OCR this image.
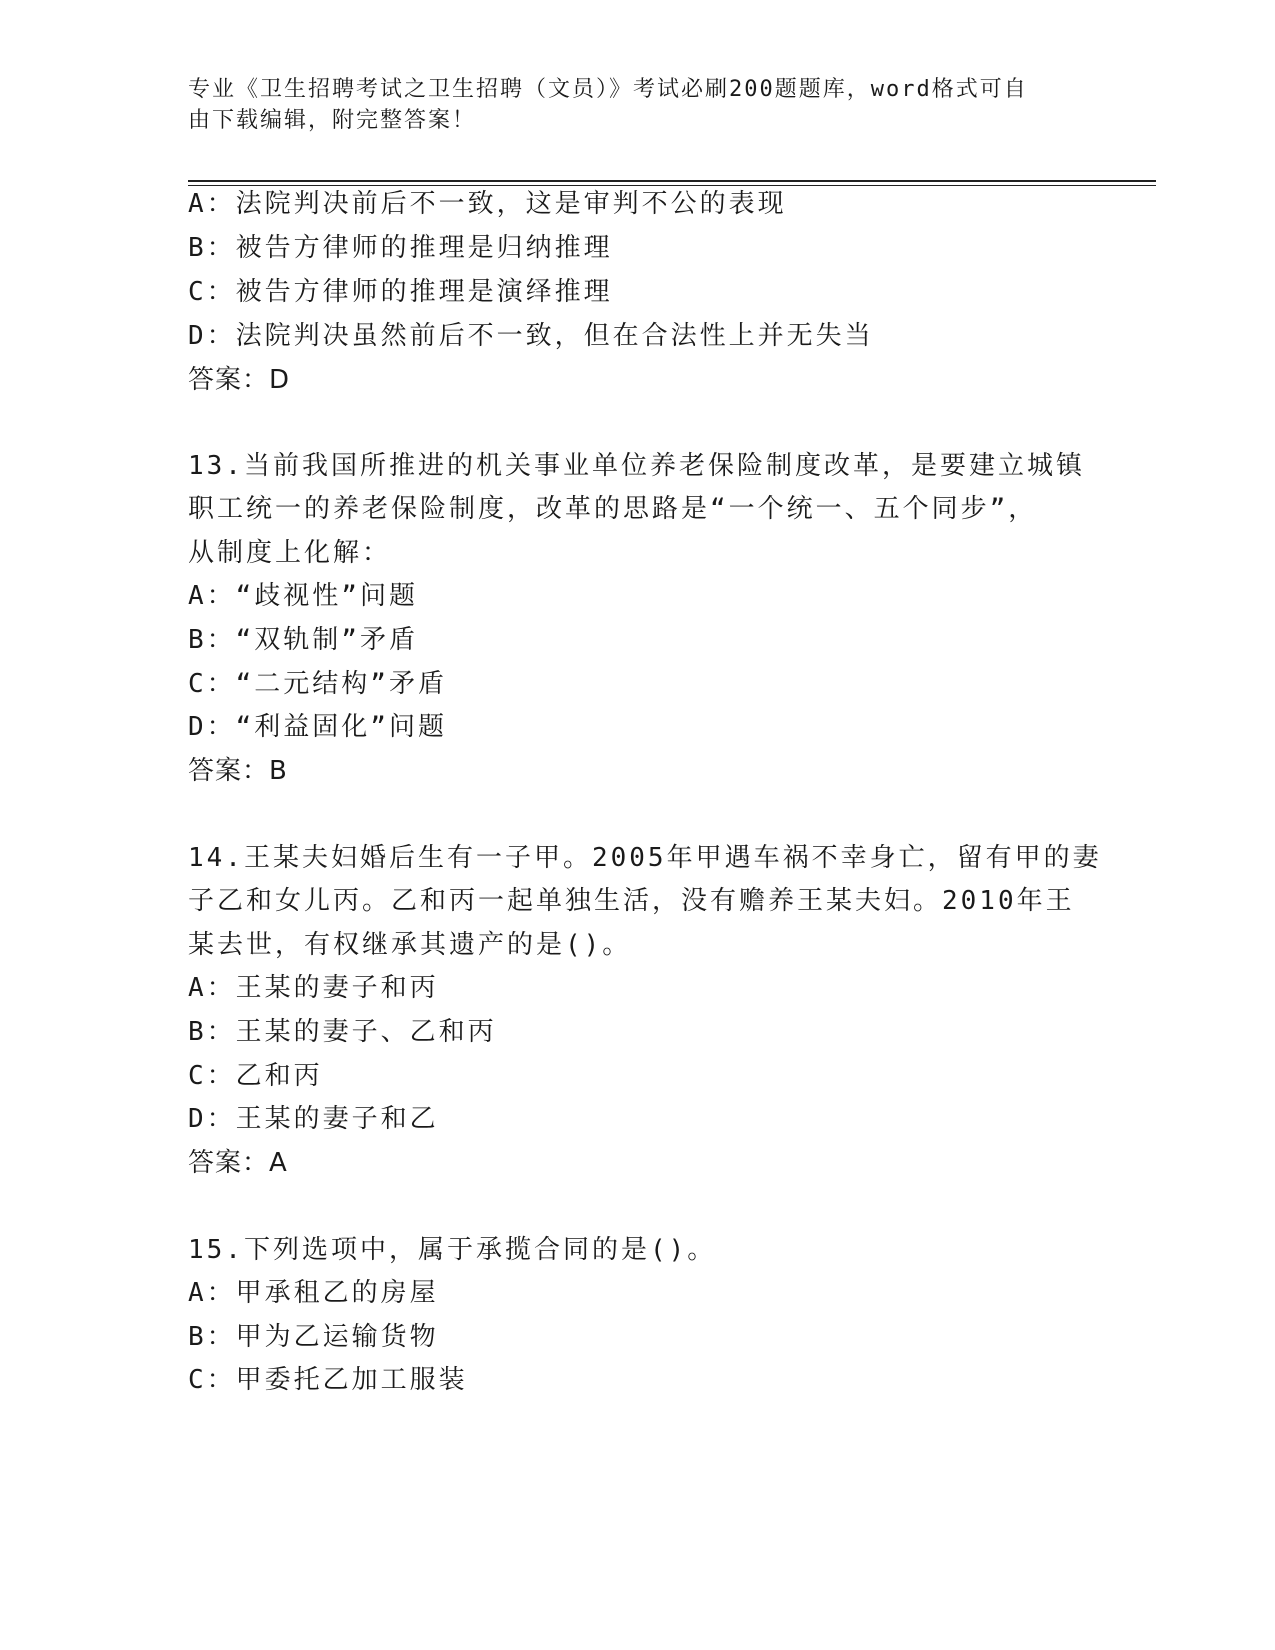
专业《卫生招聘考试之卫生招聘（文员）》考试必刷200题题库，word格式可自
由下载编辑，附完整答案！
A：法院判决前后不一致，这是审判不公的表现
B：被告方律师的推理是归纳推理
C：被告方律师的推理是演绎推理
D：法院判决虽然前后不一致，但在合法性上并无失当
答案：D
13.当前我国所推进的机关事业单位养老保险制度改革，是要建立城镇
职工统一的养老保险制度，改革的思路是“一个统一、五个同步”，
从制度上化解：
A：“歧视性”问题
B：“双轨制”矛盾
C：“二元结构”矛盾
D：“利益固化”问题
答案：B
14.王某夫妇婚后生有一子甲。2005年甲遇车祸不幸身亡，留有甲的妻
子乙和女儿丙。乙和丙一起单独生活，没有赡养王某夫妇。2010年王
某去世，有权继承其遗产的是()。
A：王某的妻子和丙
B：王某的妻子、乙和丙
C：乙和丙
D：王某的妻子和乙
答案：A
15.下列选项中，属于承揽合同的是()。
A：甲承租乙的房屋
B：甲为乙运输货物
C：甲委托乙加工服装
